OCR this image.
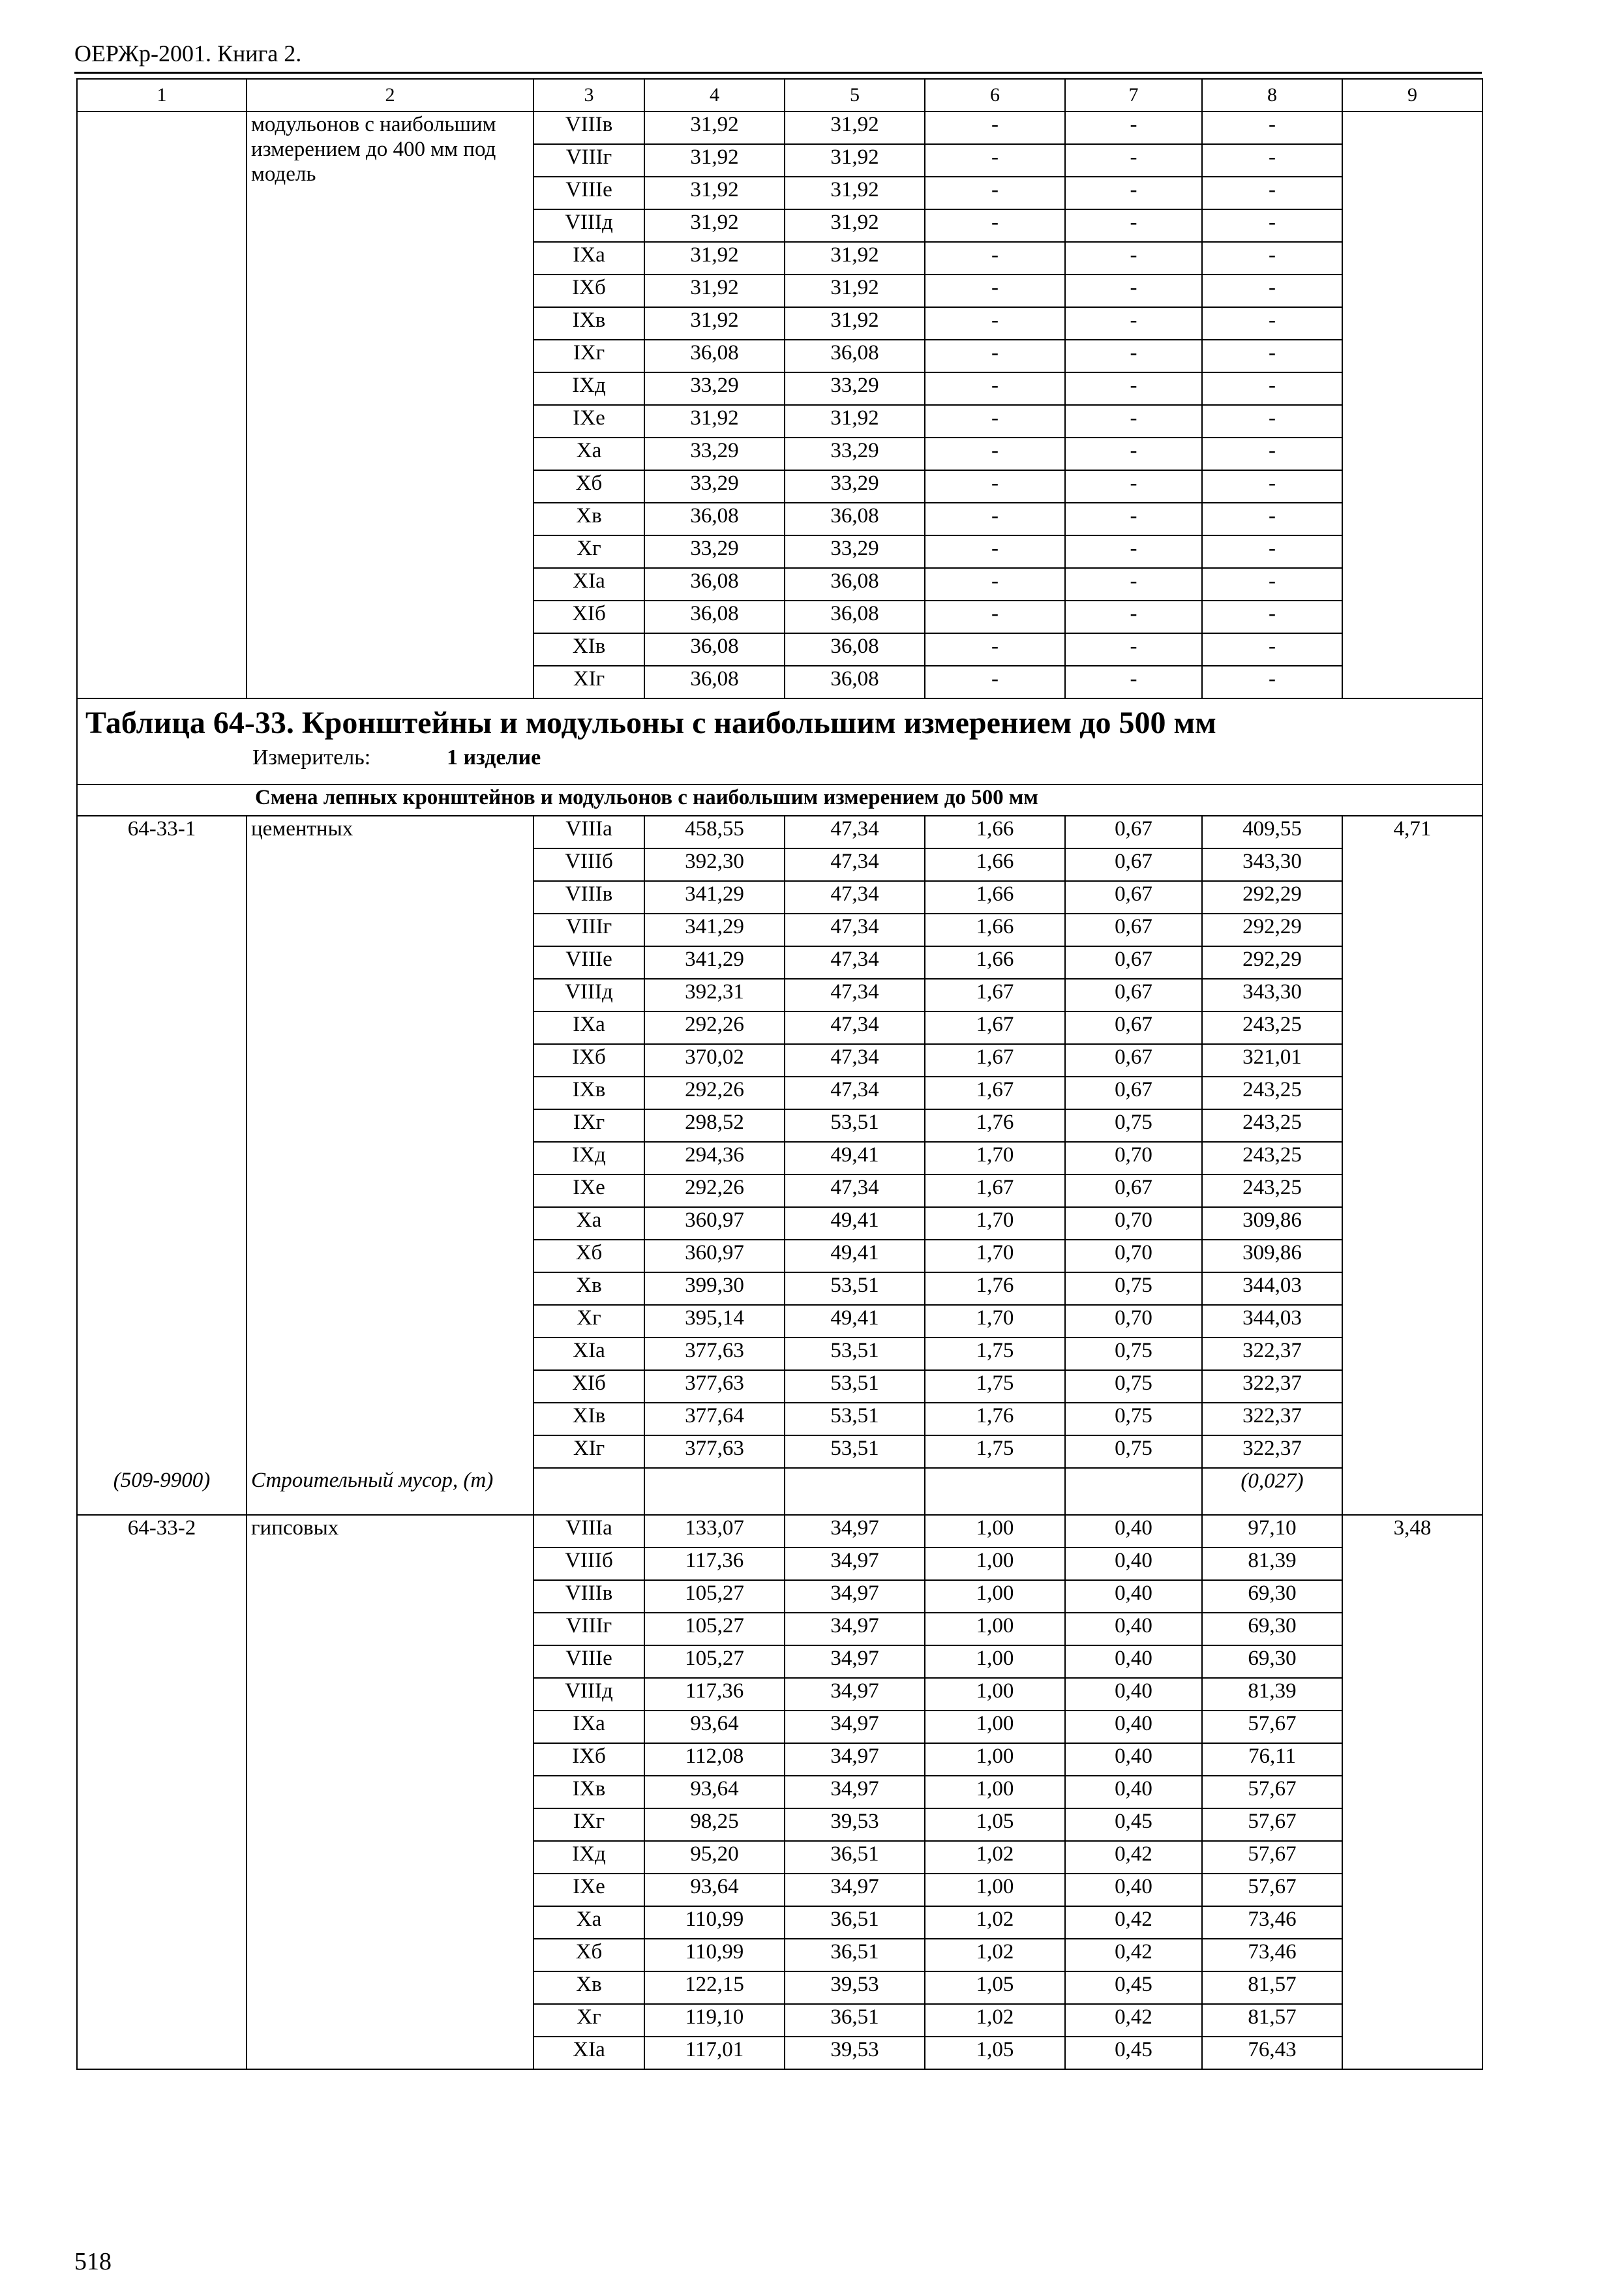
ОЕРЖр-2001. Книга 2.
1	2	3	4	5	6	7	8	9
	модульонов с наибольшим измерением до 400 мм под модель	VIIIв	31,92	31,92	-	-	-	
		VIIIг	31,92	31,92	-	-	-	
		VIIIе	31,92	31,92	-	-	-	
		VIIIд	31,92	31,92	-	-	-	
		IXа	31,92	31,92	-	-	-	
		IXб	31,92	31,92	-	-	-	
		IXв	31,92	31,92	-	-	-	
		IXг	36,08	36,08	-	-	-	
		IXд	33,29	33,29	-	-	-	
		IXе	31,92	31,92	-	-	-	
		Xа	33,29	33,29	-	-	-	
		Xб	33,29	33,29	-	-	-	
		Xв	36,08	36,08	-	-	-	
		Xг	33,29	33,29	-	-	-	
		XIа	36,08	36,08	-	-	-	
		XIб	36,08	36,08	-	-	-	
		XIв	36,08	36,08	-	-	-	
		XIг	36,08	36,08	-	-	-	

Таблица 64-33. Кронштейны и модульоны с наибольшим измерением до 500 мм
Измеритель: 1 изделие								

Смена лепных кронштейнов и модульонов с наибольшим измерением до 500 мм								
64-33-1	цементных	VIIIа	458,55	47,34	1,66	0,67	409,55	4,71
		VIIIб	392,30	47,34	1,66	0,67	343,30	
		VIIIв	341,29	47,34	1,66	0,67	292,29	
		VIIIг	341,29	47,34	1,66	0,67	292,29	
		VIIIе	341,29	47,34	1,66	0,67	292,29	
		VIIIд	392,31	47,34	1,67	0,67	343,30	
		IXа	292,26	47,34	1,67	0,67	243,25	
		IXб	370,02	47,34	1,67	0,67	321,01	
		IXв	292,26	47,34	1,67	0,67	243,25	
		IXг	298,52	53,51	1,76	0,75	243,25	
		IXд	294,36	49,41	1,70	0,70	243,25	
		IXе	292,26	47,34	1,67	0,67	243,25	
		Xа	360,97	49,41	1,70	0,70	309,86	
		Xб	360,97	49,41	1,70	0,70	309,86	
		Xв	399,30	53,51	1,76	0,75	344,03	
		Xг	395,14	49,41	1,70	0,70	344,03	
		XIа	377,63	53,51	1,75	0,75	322,37	
		XIб	377,63	53,51	1,75	0,75	322,37	
		XIв	377,64	53,51	1,76	0,75	322,37	
		XIг	377,63	53,51	1,75	0,75	322,37	
(509-9900)	Строительный мусор, (т)						(0,027)	
64-33-2	гипсовых	VIIIа	133,07	34,97	1,00	0,40	97,10	3,48
		VIIIб	117,36	34,97	1,00	0,40	81,39	
		VIIIв	105,27	34,97	1,00	0,40	69,30	
		VIIIг	105,27	34,97	1,00	0,40	69,30	
		VIIIе	105,27	34,97	1,00	0,40	69,30	
		VIIIд	117,36	34,97	1,00	0,40	81,39	
		IXа	93,64	34,97	1,00	0,40	57,67	
		IXб	112,08	34,97	1,00	0,40	76,11	
		IXв	93,64	34,97	1,00	0,40	57,67	
		IXг	98,25	39,53	1,05	0,45	57,67	
		IXд	95,20	36,51	1,02	0,42	57,67	
		IXе	93,64	34,97	1,00	0,40	57,67	
		Xа	110,99	36,51	1,02	0,42	73,46	
		Xб	110,99	36,51	1,02	0,42	73,46	
		Xв	122,15	39,53	1,05	0,45	81,57	
		Xг	119,10	36,51	1,02	0,42	81,57	
		XIа	117,01	39,53	1,05	0,45	76,43	
518
